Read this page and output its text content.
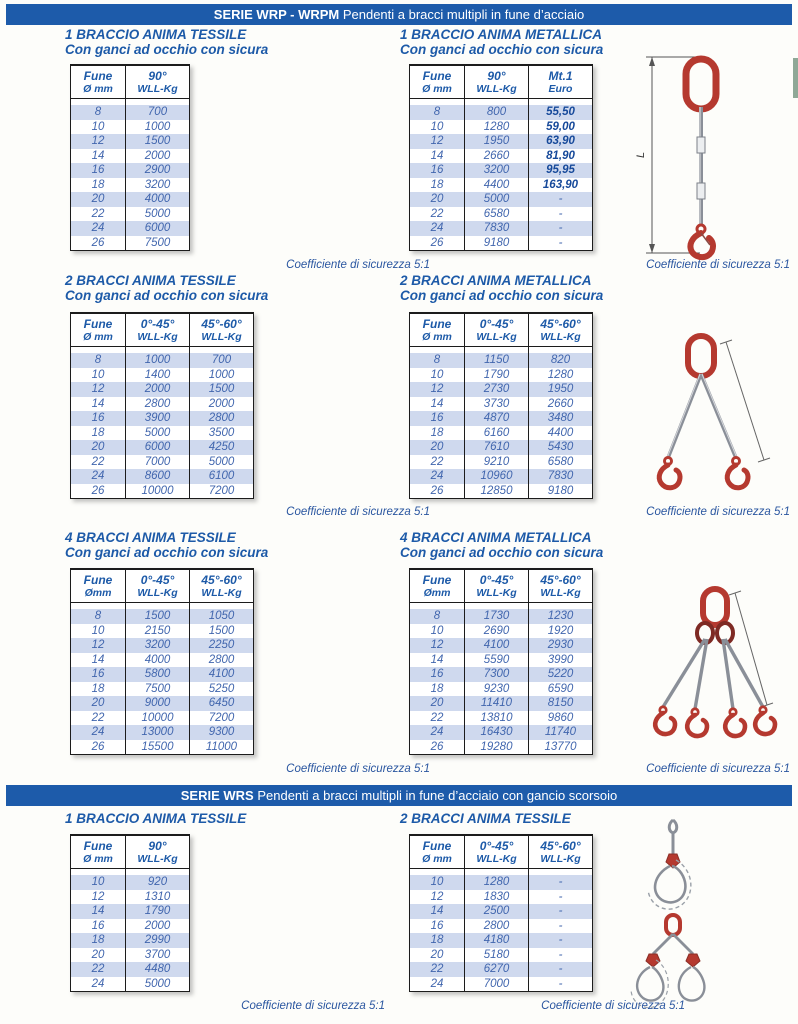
SERIE WRP - WRPM Pendenti a bracci multipli in fune d’acciaio
1 BRACCIO ANIMA TESSILE
Con ganci ad occhio con sicura
1 BRACCIO ANIMA METALLICA
Con ganci ad occhio con sicura
Fune
Ø mm

90°
WLL-Kg

8	700
10	1000
12	1500
14	2000
16	2900
18	3200
20	4000
22	5000
24	6000
26	7500
Fune
Ø mm

90°
WLL-Kg

Mt.1
Euro

8	800	55,50
10	1280	59,00
12	1950	63,90
14	2660	81,90
16	3200	95,95
18	4400	163,90
20	5000	-
22	6580	-
24	7830	-
26	9180	-
Coefficiente di sicurezza 5:1	Coefficiente di sicurezza 5:1
2 BRACCI ANIMA TESSILE
Con ganci ad occhio con sicura
2 BRACCI ANIMA METALLICA
Con ganci ad occhio con sicura
Fune
Ø mm

0°-45°
WLL-Kg

45°-60°
WLL-Kg

8	1000	700
10	1400	1000
12	2000	1500
14	2800	2000
16	3900	2800
18	5000	3500
20	6000	4250
22	7000	5000
24	8600	6100
26	10000	7200
Fune
Ø mm

0°-45°
WLL-Kg

45°-60°
WLL-Kg

8	1150	820
10	1790	1280
12	2730	1950
14	3730	2660
16	4870	3480
18	6160	4400
20	7610	5430
22	9210	6580
24	10960	7830
26	12850	9180
Coefficiente di sicurezza 5:1	Coefficiente di sicurezza 5:1
4 BRACCI ANIMA TESSILE
Con ganci ad occhio con sicura
4 BRACCI ANIMA METALLICA
Con ganci ad occhio con sicura
Fune
Ømm

0°-45°
WLL-Kg

45°-60°
WLL-Kg

8	1500	1050
10	2150	1500
12	3200	2250
14	4000	2800
16	5800	4100
18	7500	5250
20	9000	6450
22	10000	7200
24	13000	9300
26	15500	11000
Fune
Ømm

0°-45°
WLL-Kg

45°-60°
WLL-Kg

8	1730	1230
10	2690	1920
12	4100	2930
14	5590	3990
16	7300	5220
18	9230	6590
20	11410	8150
22	13810	9860
24	16430	11740
26	19280	13770
Coefficiente di sicurezza 5:1	Coefficiente di sicurezza 5:1
SERIE WRS Pendenti a bracci multipli in fune d’acciaio con gancio scorsoio
1 BRACCIO ANIMA TESSILE	2 BRACCI ANIMA TESSILE
Fune
Ø mm

90°
WLL-Kg

10	920
12	1310
14	1790
16	2000
18	2990
20	3700
22	4480
24	5000
Fune
Ø mm

0°-45°
WLL-Kg

45°-60°
WLL-Kg

10	1280	-
12	1830	-
14	2500	-
16	2800	-
18	4180	-
20	5180	-
22	6270	-
24	7000	-
Coefficiente di sicurezza 5:1	Coefficiente di sicurezza 5:1
L
